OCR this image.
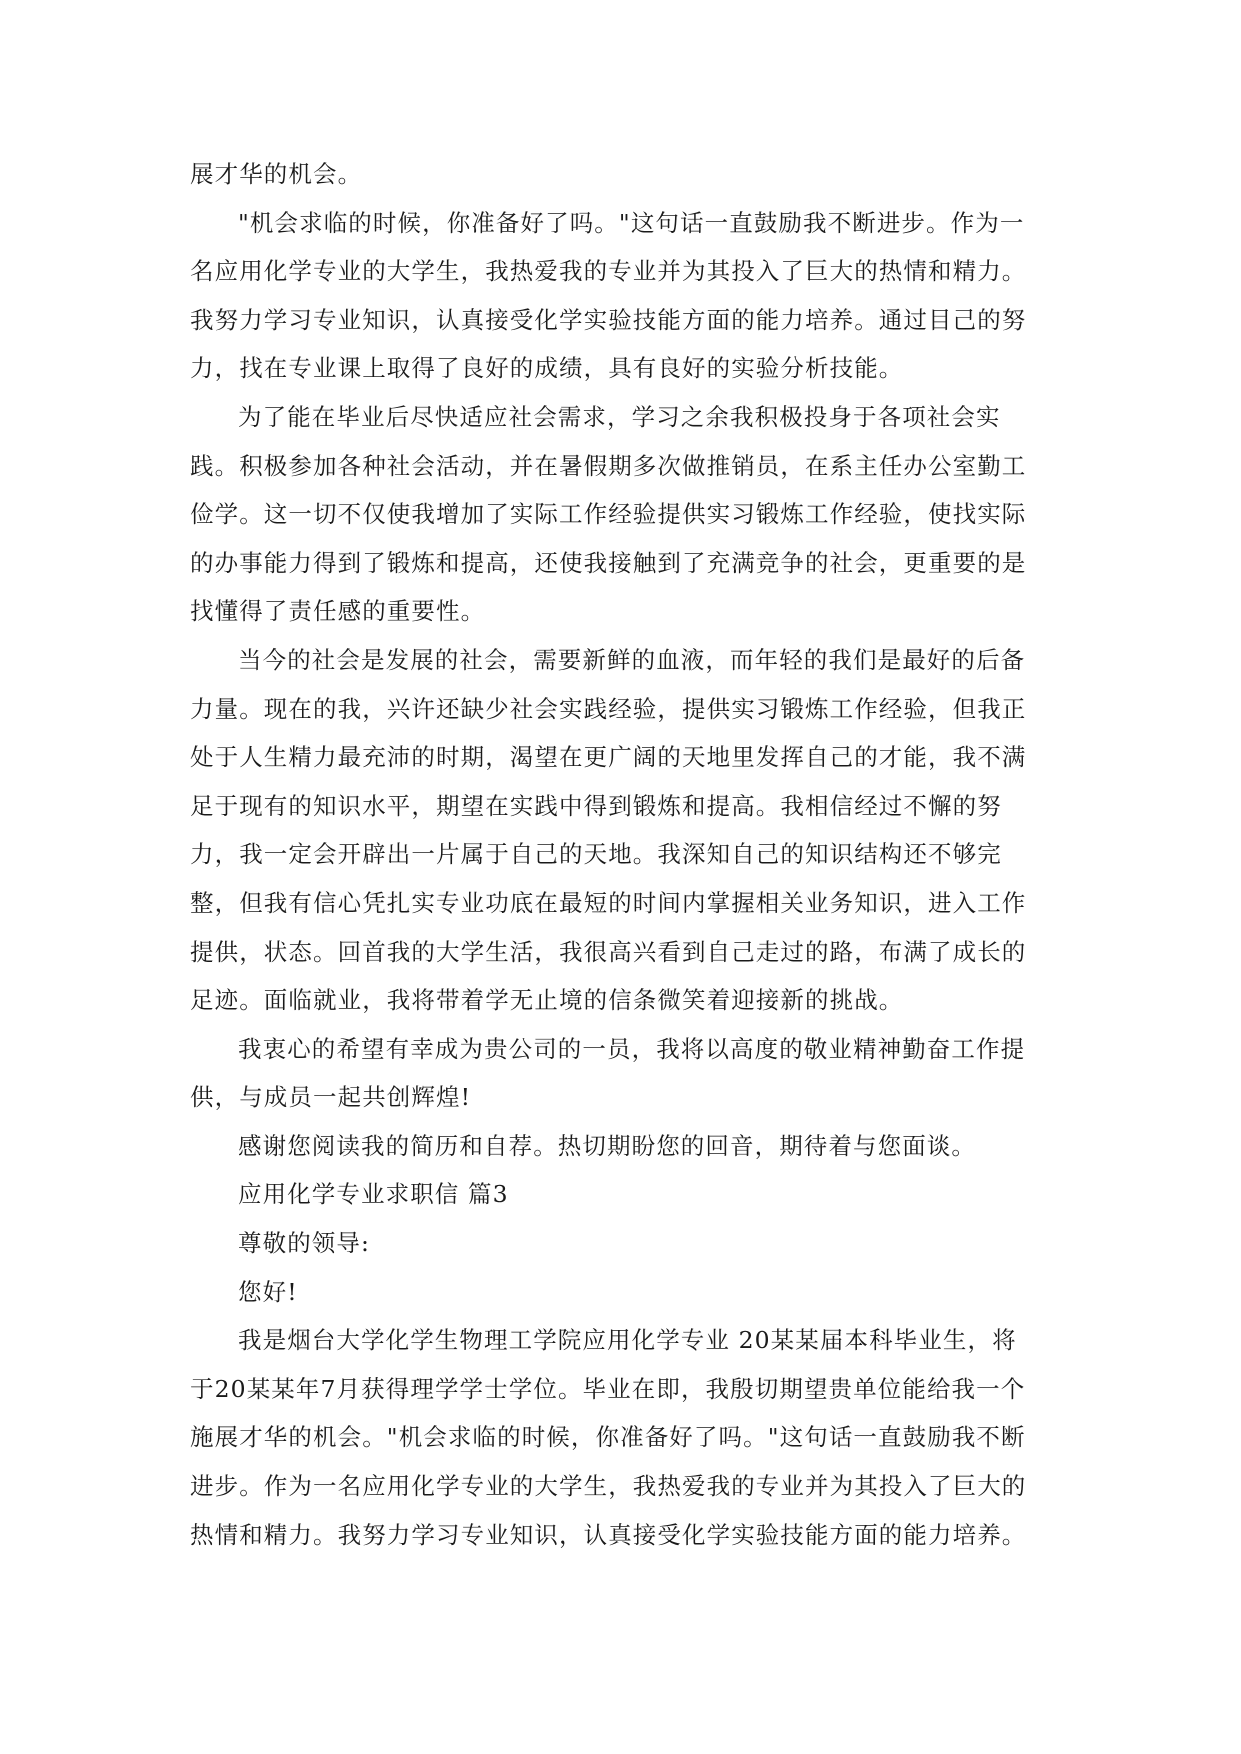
展才华的机会。
"机会求临的时候，你准备好了吗。"这句话一直鼓励我不断进步。作为一
名应用化学专业的大学生，我热爱我的专业并为其投入了巨大的热情和精力。
我努力学习专业知识，认真接受化学实验技能方面的能力培养。通过目己的努
力，找在专业课上取得了良好的成绩，具有良好的实验分析技能。
为了能在毕业后尽快适应社会需求，学习之余我积极投身于各项社会实
践。积极参加各种社会活动，并在暑假期多次做推销员，在系主任办公室勤工
俭学。这一切不仅使我增加了实际工作经验提供实习锻炼工作经验，使找实际
的办事能力得到了锻炼和提高，还使我接触到了充满竞争的社会，更重要的是
找懂得了责任感的重要性。
当今的社会是发展的社会，需要新鲜的血液，而年轻的我们是最好的后备
力量。现在的我，兴许还缺少社会实践经验，提供实习锻炼工作经验，但我正
处于人生精力最充沛的时期，渴望在更广阔的天地里发挥自己的才能，我不满
足于现有的知识水平，期望在实践中得到锻炼和提高。我相信经过不懈的努
力，我一定会开辟出一片属于自己的天地。我深知自己的知识结构还不够完
整，但我有信心凭扎实专业功底在最短的时间内掌握相关业务知识，进入工作
提供，状态。回首我的大学生活，我很高兴看到自己走过的路，布满了成长的
足迹。面临就业，我将带着学无止境的信条微笑着迎接新的挑战。
我衷心的希望有幸成为贵公司的一员，我将以高度的敬业精神勤奋工作提
供，与成员一起共创辉煌!
感谢您阅读我的简历和自荐。热切期盼您的回音，期待着与您面谈。
应用化学专业求职信 篇3
尊敬的领导:
您好!
我是烟台大学化学生物理工学院应用化学专业 20某某届本科毕业生，将
于20某某年7月获得理学学士学位。毕业在即，我殷切期望贵单位能给我一个
施展才华的机会。"机会求临的时候，你准备好了吗。"这句话一直鼓励我不断
进步。作为一名应用化学专业的大学生，我热爱我的专业并为其投入了巨大的
热情和精力。我努力学习专业知识，认真接受化学实验技能方面的能力培养。
